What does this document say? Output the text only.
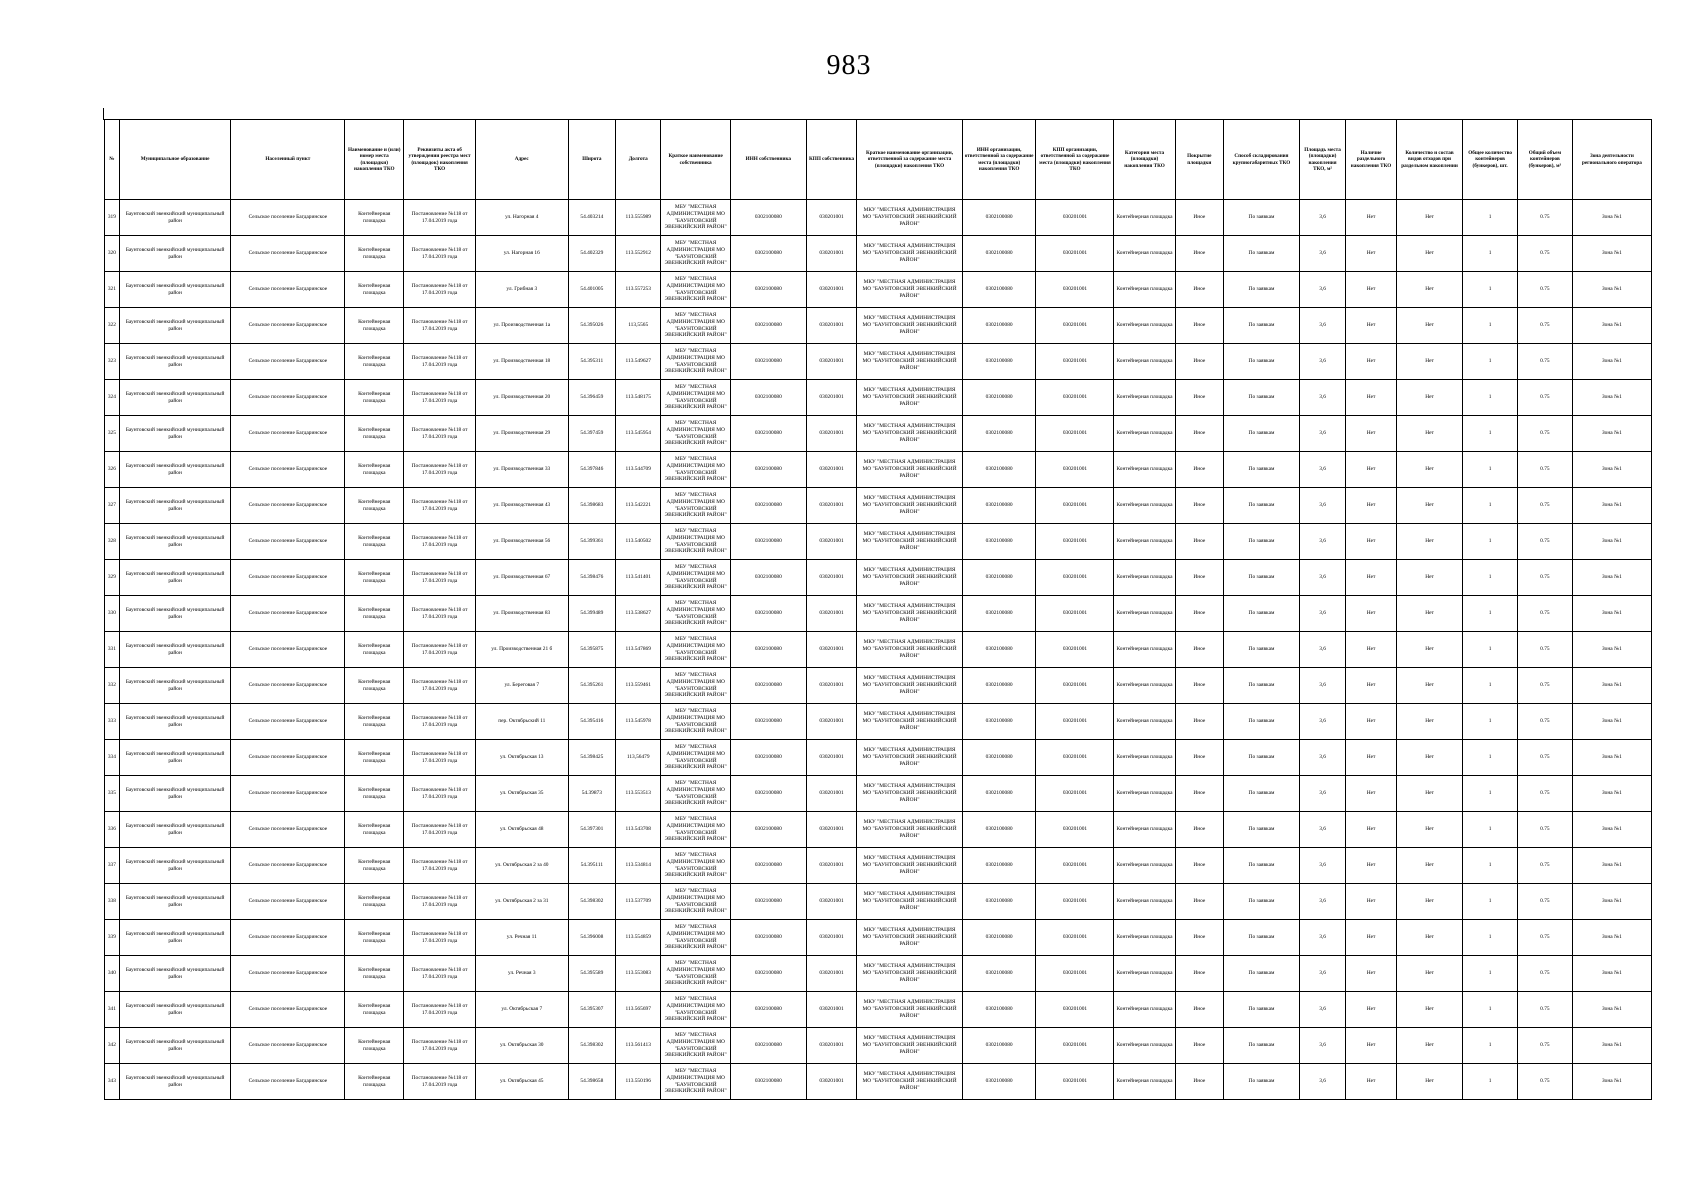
983
№	Муниципальное образование	Населенный пункт	Наименование и (или) номер места (площадки) накопления ТКО	Реквизиты акта об утверждении реестра мест (площадок) накопления ТКО	Адрес	Широта	Долгота	Краткое наименование собственника	ИНН собственника	КПП собственника	Краткое наименование организации, ответственной за содержание места (площадки) накопления ТКО	ИНН организации, ответственной за содержание места (площадки) накопления ТКО	КПП организации, ответственной за содержание места (площадки) накопления ТКО	Категория места (площадки) накопления ТКО	Покрытие площадки	Способ складирования крупногабаритных ТКО	Площадь места (площадки) накопления ТКО, м²	Наличие раздельного накопления ТКО	Количество и состав видов отходов при раздельном накоплении	Общее количество контейнеров (бункеров), шт.	Общий объем контейнеров (бункеров), м³	Зона деятельности регионального оператора
319	Баунтовский эвенкийский муниципальный район	Сельское поселение Багдаринское	Контейнерная площадка	Постановление №118 от 17.04.2019 года	ул. Нагорная 4	54.403214	113.555989	МБУ "МЕСТНАЯ АДМИНИСТРАЦИЯ МО "БАУНТОВСКИЙ ЭВЕНКИЙСКИЙ РАЙОН"	0302100080	030201001	МКУ "МЕСТНАЯ АДМИНИСТРАЦИЯ МО "БАУНТОВСКИЙ ЭВЕНКИЙСКИЙ РАЙОН"	0302100080	030201001	Контейнерная площадка	Иное	По заявкам	3,6	Нет	Нет	1	0.75	Зона №1
320	Баунтовский эвенкийский муниципальный район	Сельское поселение Багдаринское	Контейнерная площадка	Постановление №118 от 17.04.2019 года	ул. Нагорная 16	54.402329	113.552912	МБУ "МЕСТНАЯ АДМИНИСТРАЦИЯ МО "БАУНТОВСКИЙ ЭВЕНКИЙСКИЙ РАЙОН"	0302100080	030201001	МКУ "МЕСТНАЯ АДМИНИСТРАЦИЯ МО "БАУНТОВСКИЙ ЭВЕНКИЙСКИЙ РАЙОН"	0302100080	030201001	Контейнерная площадка	Иное	По заявкам	3,6	Нет	Нет	1	0.75	Зона №1
321	Баунтовский эвенкийский муниципальный район	Сельское поселение Багдаринское	Контейнерная площадка	Постановление №118 от 17.04.2019 года	ул. Грибная 3	54.401005	113.557253	МБУ "МЕСТНАЯ АДМИНИСТРАЦИЯ МО "БАУНТОВСКИЙ ЭВЕНКИЙСКИЙ РАЙОН"	0302100080	030201001	МКУ "МЕСТНАЯ АДМИНИСТРАЦИЯ МО "БАУНТОВСКИЙ ЭВЕНКИЙСКИЙ РАЙОН"	0302100080	030201001	Контейнерная площадка	Иное	По заявкам	3,6	Нет	Нет	1	0.75	Зона №1
322	Баунтовский эвенкийский муниципальный район	Сельское поселение Багдаринское	Контейнерная площадка	Постановление №118 от 17.04.2019 года	ул. Производственная 1а	54.395026	113,5565	МБУ "МЕСТНАЯ АДМИНИСТРАЦИЯ МО "БАУНТОВСКИЙ ЭВЕНКИЙСКИЙ РАЙОН"	0302100080	030201001	МКУ "МЕСТНАЯ АДМИНИСТРАЦИЯ МО "БАУНТОВСКИЙ ЭВЕНКИЙСКИЙ РАЙОН"	0302100080	030201001	Контейнерная площадка	Иное	По заявкам	3,6	Нет	Нет	1	0.75	Зона №1
323	Баунтовский эвенкийский муниципальный район	Сельское поселение Багдаринское	Контейнерная площадка	Постановление №118 от 17.04.2019 года	ул. Производственная 18	54.395311	113.549627	МБУ "МЕСТНАЯ АДМИНИСТРАЦИЯ МО "БАУНТОВСКИЙ ЭВЕНКИЙСКИЙ РАЙОН"	0302100080	030201001	МКУ "МЕСТНАЯ АДМИНИСТРАЦИЯ МО "БАУНТОВСКИЙ ЭВЕНКИЙСКИЙ РАЙОН"	0302100080	030201001	Контейнерная площадка	Иное	По заявкам	3,6	Нет	Нет	1	0.75	Зона №1
324	Баунтовский эвенкийский муниципальный район	Сельское поселение Багдаринское	Контейнерная площадка	Постановление №118 от 17.04.2019 года	ул. Производственная 20	54.396459	113.548175	МБУ "МЕСТНАЯ АДМИНИСТРАЦИЯ МО "БАУНТОВСКИЙ ЭВЕНКИЙСКИЙ РАЙОН"	0302100080	030201001	МКУ "МЕСТНАЯ АДМИНИСТРАЦИЯ МО "БАУНТОВСКИЙ ЭВЕНКИЙСКИЙ РАЙОН"	0302100080	030201001	Контейнерная площадка	Иное	По заявкам	3,6	Нет	Нет	1	0.75	Зона №1
325	Баунтовский эвенкийский муниципальный район	Сельское поселение Багдаринское	Контейнерная площадка	Постановление №118 от 17.04.2019 года	ул. Производственная 29	54.397459	113.545954	МБУ "МЕСТНАЯ АДМИНИСТРАЦИЯ МО "БАУНТОВСКИЙ ЭВЕНКИЙСКИЙ РАЙОН"	0302100080	030201001	МКУ "МЕСТНАЯ АДМИНИСТРАЦИЯ МО "БАУНТОВСКИЙ ЭВЕНКИЙСКИЙ РАЙОН"	0302100080	030201001	Контейнерная площадка	Иное	По заявкам	3,6	Нет	Нет	1	0.75	Зона №1
326	Баунтовский эвенкийский муниципальный район	Сельское поселение Багдаринское	Контейнерная площадка	Постановление №118 от 17.04.2019 года	ул. Производственная 33	54.397846	113.544709	МБУ "МЕСТНАЯ АДМИНИСТРАЦИЯ МО "БАУНТОВСКИЙ ЭВЕНКИЙСКИЙ РАЙОН"	0302100080	030201001	МКУ "МЕСТНАЯ АДМИНИСТРАЦИЯ МО "БАУНТОВСКИЙ ЭВЕНКИЙСКИЙ РАЙОН"	0302100080	030201001	Контейнерная площадка	Иное	По заявкам	3,6	Нет	Нет	1	0.75	Зона №1
327	Баунтовский эвенкийский муниципальный район	Сельское поселение Багдаринское	Контейнерная площадка	Постановление №118 от 17.04.2019 года	ул. Производственная 43	54.398683	113.542221	МБУ "МЕСТНАЯ АДМИНИСТРАЦИЯ МО "БАУНТОВСКИЙ ЭВЕНКИЙСКИЙ РАЙОН"	0302100080	030201001	МКУ "МЕСТНАЯ АДМИНИСТРАЦИЯ МО "БАУНТОВСКИЙ ЭВЕНКИЙСКИЙ РАЙОН"	0302100080	030201001	Контейнерная площадка	Иное	По заявкам	3,6	Нет	Нет	1	0.75	Зона №1
328	Баунтовский эвенкийский муниципальный район	Сельское поселение Багдаринское	Контейнерная площадка	Постановление №118 от 17.04.2019 года	ул. Производственная 56	54.399361	113.540502	МБУ "МЕСТНАЯ АДМИНИСТРАЦИЯ МО "БАУНТОВСКИЙ ЭВЕНКИЙСКИЙ РАЙОН"	0302100080	030201001	МКУ "МЕСТНАЯ АДМИНИСТРАЦИЯ МО "БАУНТОВСКИЙ ЭВЕНКИЙСКИЙ РАЙОН"	0302100080	030201001	Контейнерная площадка	Иное	По заявкам	3,6	Нет	Нет	1	0.75	Зона №1
329	Баунтовский эвенкийский муниципальный район	Сельское поселение Багдаринское	Контейнерная площадка	Постановление №118 от 17.04.2019 года	ул. Производственная 67	54.398476	113.541401	МБУ "МЕСТНАЯ АДМИНИСТРАЦИЯ МО "БАУНТОВСКИЙ ЭВЕНКИЙСКИЙ РАЙОН"	0302100080	030201001	МКУ "МЕСТНАЯ АДМИНИСТРАЦИЯ МО "БАУНТОВСКИЙ ЭВЕНКИЙСКИЙ РАЙОН"	0302100080	030201001	Контейнерная площадка	Иное	По заявкам	3,6	Нет	Нет	1	0.75	Зона №1
330	Баунтовский эвенкийский муниципальный район	Сельское поселение Багдаринское	Контейнерная площадка	Постановление №118 от 17.04.2019 года	ул. Производственная 83	54.399489	113.538627	МБУ "МЕСТНАЯ АДМИНИСТРАЦИЯ МО "БАУНТОВСКИЙ ЭВЕНКИЙСКИЙ РАЙОН"	0302100080	030201001	МКУ "МЕСТНАЯ АДМИНИСТРАЦИЯ МО "БАУНТОВСКИЙ ЭВЕНКИЙСКИЙ РАЙОН"	0302100080	030201001	Контейнерная площадка	Иное	По заявкам	3,6	Нет	Нет	1	0.75	Зона №1
331	Баунтовский эвенкийский муниципальный район	Сельское поселение Багдаринское	Контейнерная площадка	Постановление №118 от 17.04.2019 года	ул. Производственная 21 б	54.395875	113.547869	МБУ "МЕСТНАЯ АДМИНИСТРАЦИЯ МО "БАУНТОВСКИЙ ЭВЕНКИЙСКИЙ РАЙОН"	0302100080	030201001	МКУ "МЕСТНАЯ АДМИНИСТРАЦИЯ МО "БАУНТОВСКИЙ ЭВЕНКИЙСКИЙ РАЙОН"	0302100080	030201001	Контейнерная площадка	Иное	По заявкам	3,6	Нет	Нет	1	0.75	Зона №1
332	Баунтовский эвенкийский муниципальный район	Сельское поселение Багдаринское	Контейнерная площадка	Постановление №118 от 17.04.2019 года	ул. Береговая 7	54.395261	113.559461	МБУ "МЕСТНАЯ АДМИНИСТРАЦИЯ МО "БАУНТОВСКИЙ ЭВЕНКИЙСКИЙ РАЙОН"	0302100080	030201001	МКУ "МЕСТНАЯ АДМИНИСТРАЦИЯ МО "БАУНТОВСКИЙ ЭВЕНКИЙСКИЙ РАЙОН"	0302100080	030201001	Контейнерная площадка	Иное	По заявкам	3,6	Нет	Нет	1	0.75	Зона №1
333	Баунтовский эвенкийский муниципальный район	Сельское поселение Багдаринское	Контейнерная площадка	Постановление №118 от 17.04.2019 года	пер. Октябрьский 11	54.395416	113.545978	МБУ "МЕСТНАЯ АДМИНИСТРАЦИЯ МО "БАУНТОВСКИЙ ЭВЕНКИЙСКИЙ РАЙОН"	0302100080	030201001	МКУ "МЕСТНАЯ АДМИНИСТРАЦИЯ МО "БАУНТОВСКИЙ ЭВЕНКИЙСКИЙ РАЙОН"	0302100080	030201001	Контейнерная площадка	Иное	По заявкам	3,6	Нет	Нет	1	0.75	Зона №1
334	Баунтовский эвенкийский муниципальный район	Сельское поселение Багдаринское	Контейнерная площадка	Постановление №118 от 17.04.2019 года	ул. Октябрьская 13	54.398425	113,56479	МБУ "МЕСТНАЯ АДМИНИСТРАЦИЯ МО "БАУНТОВСКИЙ ЭВЕНКИЙСКИЙ РАЙОН"	0302100080	030201001	МКУ "МЕСТНАЯ АДМИНИСТРАЦИЯ МО "БАУНТОВСКИЙ ЭВЕНКИЙСКИЙ РАЙОН"	0302100080	030201001	Контейнерная площадка	Иное	По заявкам	3,6	Нет	Нет	1	0.75	Зона №1
335	Баунтовский эвенкийский муниципальный район	Сельское поселение Багдаринское	Контейнерная площадка	Постановление №118 от 17.04.2019 года	ул. Октябрьская 35	54.39873	113.553513	МБУ "МЕСТНАЯ АДМИНИСТРАЦИЯ МО "БАУНТОВСКИЙ ЭВЕНКИЙСКИЙ РАЙОН"	0302100080	030201001	МКУ "МЕСТНАЯ АДМИНИСТРАЦИЯ МО "БАУНТОВСКИЙ ЭВЕНКИЙСКИЙ РАЙОН"	0302100080	030201001	Контейнерная площадка	Иное	По заявкам	3,6	Нет	Нет	1	0.75	Зона №1
336	Баунтовский эвенкийский муниципальный район	Сельское поселение Багдаринское	Контейнерная площадка	Постановление №118 от 17.04.2019 года	ул. Октябрьская 48	54.397301	113.543708	МБУ "МЕСТНАЯ АДМИНИСТРАЦИЯ МО "БАУНТОВСКИЙ ЭВЕНКИЙСКИЙ РАЙОН"	0302100080	030201001	МКУ "МЕСТНАЯ АДМИНИСТРАЦИЯ МО "БАУНТОВСКИЙ ЭВЕНКИЙСКИЙ РАЙОН"	0302100080	030201001	Контейнерная площадка	Иное	По заявкам	3,6	Нет	Нет	1	0.75	Зона №1
337	Баунтовский эвенкийский муниципальный район	Сельское поселение Багдаринское	Контейнерная площадка	Постановление №118 от 17.04.2019 года	ул. Октябрьская 2 за 40	54.395111	113.534814	МБУ "МЕСТНАЯ АДМИНИСТРАЦИЯ МО "БАУНТОВСКИЙ ЭВЕНКИЙСКИЙ РАЙОН"	0302100080	030201001	МКУ "МЕСТНАЯ АДМИНИСТРАЦИЯ МО "БАУНТОВСКИЙ ЭВЕНКИЙСКИЙ РАЙОН"	0302100080	030201001	Контейнерная площадка	Иное	По заявкам	3,6	Нет	Нет	1	0.75	Зона №1
338	Баунтовский эвенкийский муниципальный район	Сельское поселение Багдаринское	Контейнерная площадка	Постановление №118 от 17.04.2019 года	ул. Октябрьская 2 за 31	54.398302	113.537709	МБУ "МЕСТНАЯ АДМИНИСТРАЦИЯ МО "БАУНТОВСКИЙ ЭВЕНКИЙСКИЙ РАЙОН"	0302100080	030201001	МКУ "МЕСТНАЯ АДМИНИСТРАЦИЯ МО "БАУНТОВСКИЙ ЭВЕНКИЙСКИЙ РАЙОН"	0302100080	030201001	Контейнерная площадка	Иное	По заявкам	3,6	Нет	Нет	1	0.75	Зона №1
339	Баунтовский эвенкийский муниципальный район	Сельское поселение Багдаринское	Контейнерная площадка	Постановление №118 от 17.04.2019 года	ул. Речная 11	54.396008	113.554859	МБУ "МЕСТНАЯ АДМИНИСТРАЦИЯ МО "БАУНТОВСКИЙ ЭВЕНКИЙСКИЙ РАЙОН"	0302100080	030201001	МКУ "МЕСТНАЯ АДМИНИСТРАЦИЯ МО "БАУНТОВСКИЙ ЭВЕНКИЙСКИЙ РАЙОН"	0302100080	030201001	Контейнерная площадка	Иное	По заявкам	3,6	Нет	Нет	1	0.75	Зона №1
340	Баунтовский эвенкийский муниципальный район	Сельское поселение Багдаринское	Контейнерная площадка	Постановление №118 от 17.04.2019 года	ул. Речная 3	54.395589	113.553083	МБУ "МЕСТНАЯ АДМИНИСТРАЦИЯ МО "БАУНТОВСКИЙ ЭВЕНКИЙСКИЙ РАЙОН"	0302100080	030201001	МКУ "МЕСТНАЯ АДМИНИСТРАЦИЯ МО "БАУНТОВСКИЙ ЭВЕНКИЙСКИЙ РАЙОН"	0302100080	030201001	Контейнерная площадка	Иное	По заявкам	3,6	Нет	Нет	1	0.75	Зона №1
341	Баунтовский эвенкийский муниципальный район	Сельское поселение Багдаринское	Контейнерная площадка	Постановление №118 от 17.04.2019 года	ул. Октябрьская 7	54.395307	113.565697	МБУ "МЕСТНАЯ АДМИНИСТРАЦИЯ МО "БАУНТОВСКИЙ ЭВЕНКИЙСКИЙ РАЙОН"	0302100080	030201001	МКУ "МЕСТНАЯ АДМИНИСТРАЦИЯ МО "БАУНТОВСКИЙ ЭВЕНКИЙСКИЙ РАЙОН"	0302100080	030201001	Контейнерная площадка	Иное	По заявкам	3,6	Нет	Нет	1	0.75	Зона №1
342	Баунтовский эвенкийский муниципальный район	Сельское поселение Багдаринское	Контейнерная площадка	Постановление №118 от 17.04.2019 года	ул. Октябрьская 30	54.398302	113.561413	МБУ "МЕСТНАЯ АДМИНИСТРАЦИЯ МО "БАУНТОВСКИЙ ЭВЕНКИЙСКИЙ РАЙОН"	0302100080	030201001	МКУ "МЕСТНАЯ АДМИНИСТРАЦИЯ МО "БАУНТОВСКИЙ ЭВЕНКИЙСКИЙ РАЙОН"	0302100080	030201001	Контейнерная площадка	Иное	По заявкам	3,6	Нет	Нет	1	0.75	Зона №1
343	Баунтовский эвенкийский муниципальный район	Сельское поселение Багдаринское	Контейнерная площадка	Постановление №118 от 17.04.2019 года	ул. Октябрьская 45	54.398658	113.550196	МБУ "МЕСТНАЯ АДМИНИСТРАЦИЯ МО "БАУНТОВСКИЙ ЭВЕНКИЙСКИЙ РАЙОН"	0302100080	030201001	МКУ "МЕСТНАЯ АДМИНИСТРАЦИЯ МО "БАУНТОВСКИЙ ЭВЕНКИЙСКИЙ РАЙОН"	0302100080	030201001	Контейнерная площадка	Иное	По заявкам	3,6	Нет	Нет	1	0.75	Зона №1
